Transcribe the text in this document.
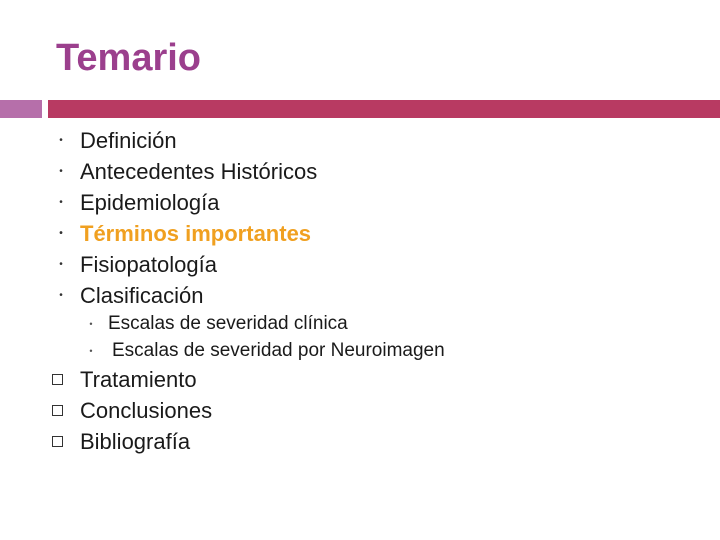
Temario
• Definición
• Antecedentes Históricos
• Epidemiología
• Términos importantes
• Fisiopatología
• Clasificación
• Escalas de severidad clínica
• Escalas de severidad por Neuroimagen
Tratamiento
Conclusiones
Bibliografía
